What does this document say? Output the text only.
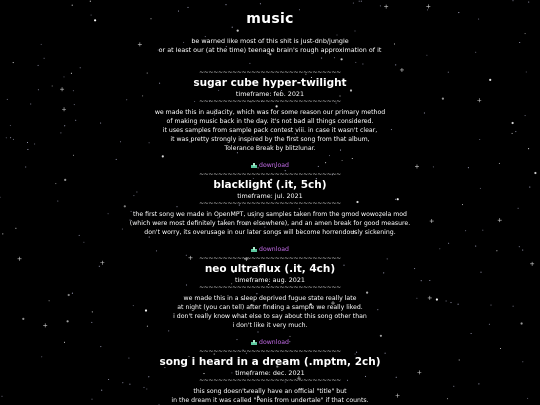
music
be warned like most of this shit is just-dnb/jungle
or at least our (at the time) teenage brain's rough approximation of it
~~~~~~~~~~~~~~~~~~~~~~~~~~~~~~
sugar cube hyper-twilight
timeframe: feb. 2021
~~~~~~~~~~~~~~~~~~~~~~~~~~~~~~
we made this in audacity, which was for some reason our primary method
of making music back in the day. it's not bad all things considered.
it uses samples from sample pack contest viii. in case it wasn't clear,
it was pretty strongly inspired by the first song from that album,
Tolerance Break by blitzlunar.
download
~~~~~~~~~~~~~~~~~~~~~~~~~~~~~~
blacklight (.it, 5ch)
timeframe: jul. 2021
~~~~~~~~~~~~~~~~~~~~~~~~~~~~~~
the first song we made in OpenMPT, using samples taken from the gmod wowozela mod
(which were most definitely taken from elsewhere), and an amen break for good measure.
don't worry, its overusage in our later songs will become horrendously sickening.
download
~~~~~~~~~~~~~~~~~~~~~~~~~~~~~~
neo ultraflux (.it, 4ch)
timeframe: aug. 2021
~~~~~~~~~~~~~~~~~~~~~~~~~~~~~~
we made this in a sleep deprived fugue state really late
at night (you can tell) after finding a sample we really liked.
i don't really know what else to say about this song other than
i don't like it very much.
download
~~~~~~~~~~~~~~~~~~~~~~~~~~~~~~
song i heard in a dream (.mptm, 2ch)
timeframe: dec. 2021
~~~~~~~~~~~~~~~~~~~~~~~~~~~~~~
this song doesn't really have an official "title" but
in the dream it was called "Penis from undertale" if that counts.
